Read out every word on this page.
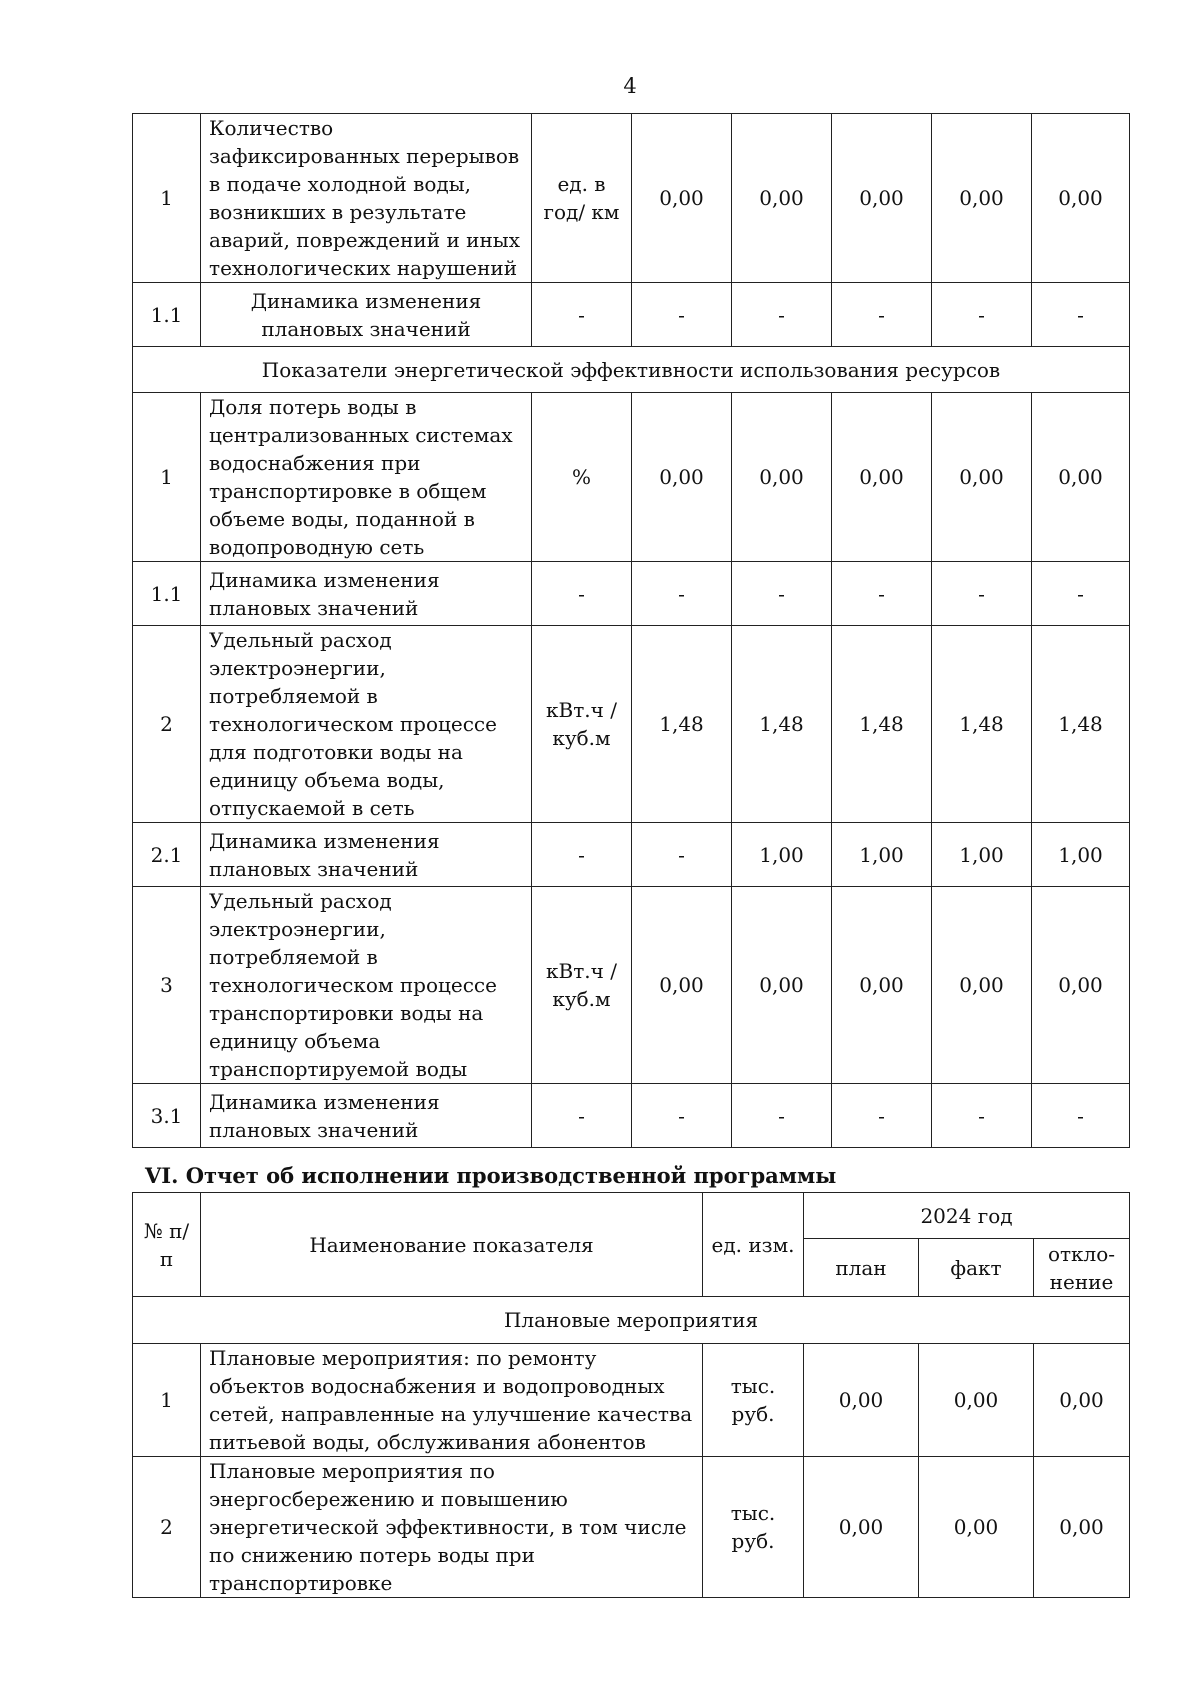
4
1	Количество зафиксированных перерывов в подаче холодной воды, возникших в результате аварий, повреждений и иных технологических нарушений	ед. в год/ км	0,00	0,00	0,00	0,00	0,00
1.1	Динамика изменения плановых значений	-	-	-	-	-	-
Показатели энергетической эффективности использования ресурсов							
1	Доля потерь воды в централизованных системах водоснабжения при транспортировке в общем объеме воды, поданной в водопроводную сеть	%	0,00	0,00	0,00	0,00	0,00
1.1	Динамика изменения плановых значений	-	-	-	-	-	-
2	Удельный расход электроэнергии, потребляемой в технологическом процессе для подготовки воды на единицу объема воды, отпускаемой в сеть	кВт.ч / куб.м	1,48	1,48	1,48	1,48	1,48
2.1	Динамика изменения плановых значений	-	-	1,00	1,00	1,00	1,00
3	Удельный расход электроэнергии, потребляемой в технологическом процессе транспортировки воды на единицу объема транспортируемой воды	кВт.ч / куб.м	0,00	0,00	0,00	0,00	0,00
3.1	Динамика изменения плановых значений	-	-	-	-	-	-
VI. Отчет об исполнении производственной программы
№ п/п	Наименование показателя	ед. изм.	2024 год		
			план	факт	откло-нение
Плановые мероприятия					
1	Плановые мероприятия: по ремонту объектов водоснабжения и водопроводных сетей, направленные на улучшение качества питьевой воды, обслуживания абонентов	тыс. руб.	0,00	0,00	0,00
2	Плановые мероприятия по энергосбережению и повышению энергетической эффективности, в том числе по снижению потерь воды при транспортировке	тыс. руб.	0,00	0,00	0,00
